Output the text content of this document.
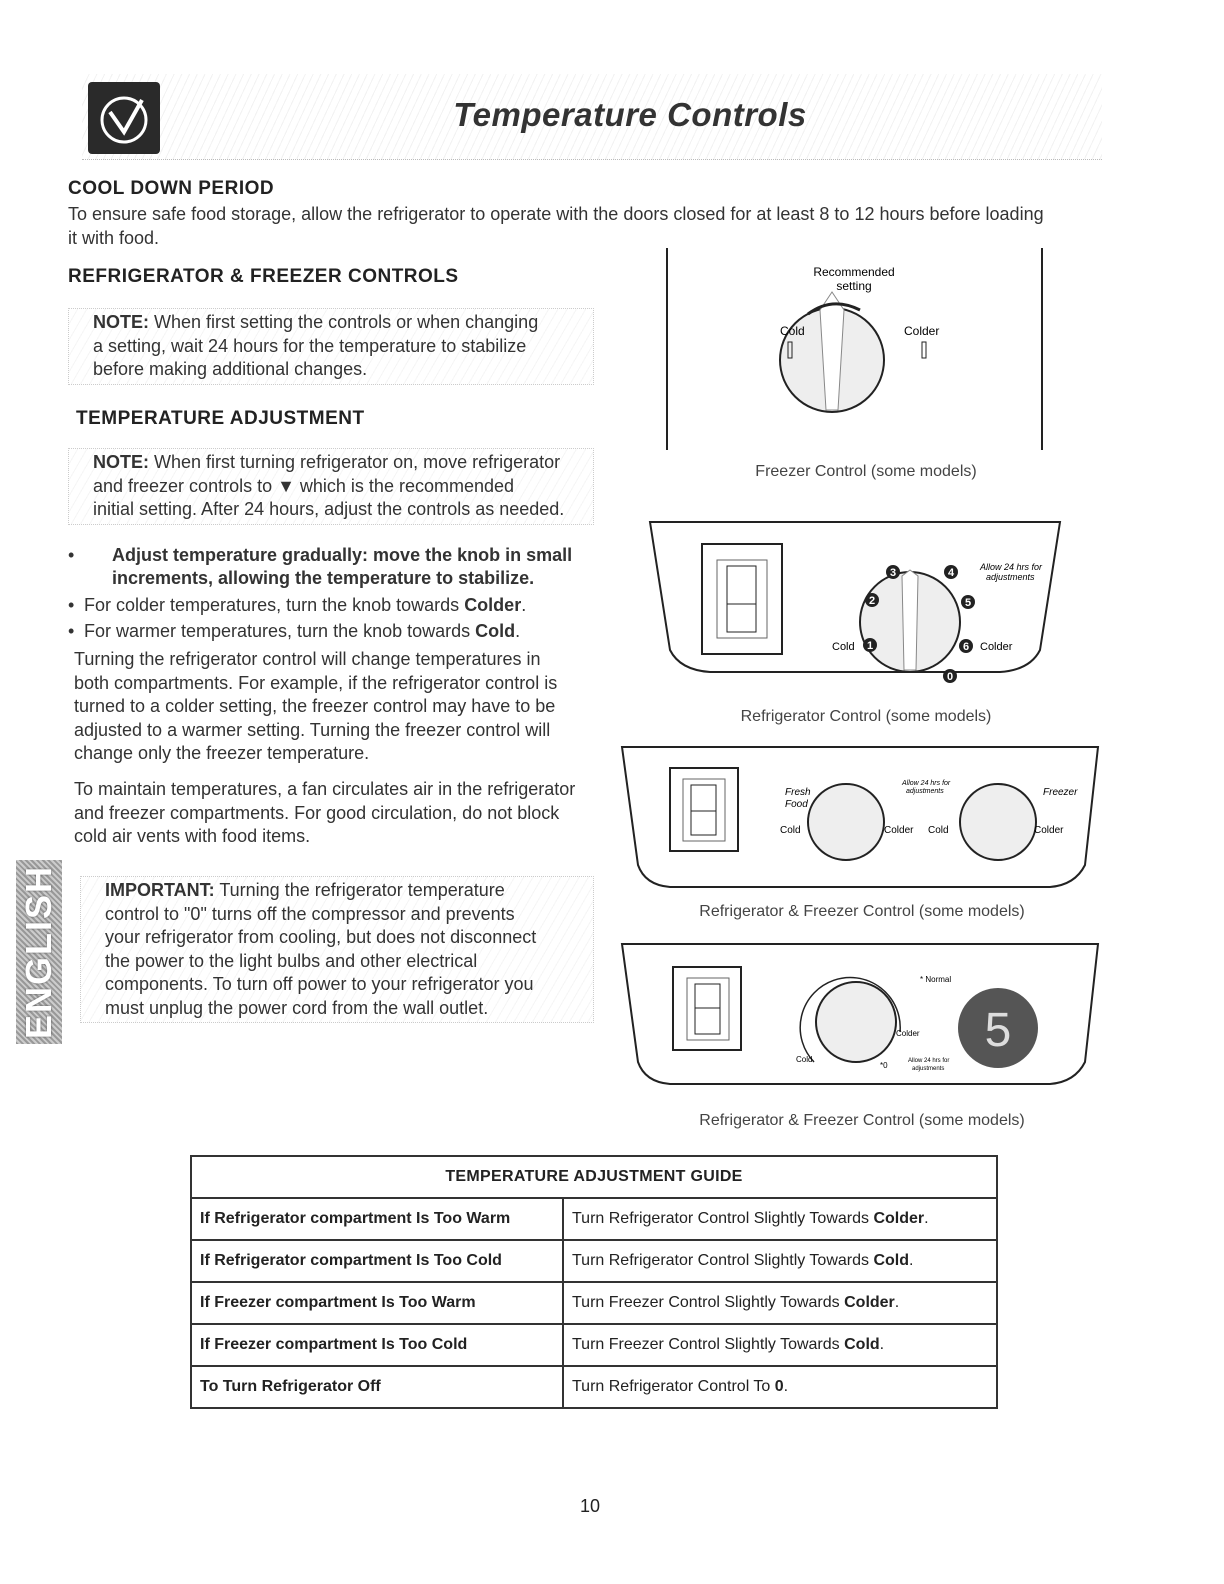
Temperature Controls
COOL DOWN PERIOD
To ensure safe food storage, allow the refrigerator to operate with the doors closed for at least 8 to 12 hours before loading
it with food.
REFRIGERATOR & FREEZER CONTROLS
NOTE: When first setting the controls or when changing
a setting, wait 24 hours for the temperature to stabilize
before making additional changes.
TEMPERATURE ADJUSTMENT
NOTE: When first turning refrigerator on, move refrigerator
and freezer controls to ▼ which is the recommended
initial setting. After 24 hours, adjust the controls as needed.
• Adjust temperature gradually: move the knob in small
increments, allowing the temperature to stabilize.
• For colder temperatures, turn the knob towards Colder.
• For warmer temperatures, turn the knob towards Cold.
Turning the refrigerator control will change temperatures in
both compartments. For example, if the refrigerator control is
turned to a colder setting, the freezer control may have to be
adjusted to a warmer setting. Turning the freezer control will
change only the freezer temperature.
To maintain temperatures, a fan circulates air in the refrigerator
and freezer compartments. For good circulation, do not block
cold air vents with food items.
IMPORTANT: Turning the refrigerator temperature
control to "0" turns off the compressor and prevents
your refrigerator from cooling, but does not disconnect
the power to the light bulbs and other electrical
components. To turn off power to your refrigerator you
must unplug the power cord from the wall outlet.
ENGLISH
Recommended
setting
Cold	Colder
Freezer Control (some models)
1
2
3	4
5
6
0
Cold	Colder
Allow 24 hrs for
adjustments
Refrigerator Control (some models)
Fresh
Food
Freezer
Cold	Colder Cold	Colder
Allow 24 hrs for
adjustments
Refrigerator & Freezer Control (some models)
* Normal
Cold
Colder
*0	Allow 24 hrs for
adjustments
5
Refrigerator & Freezer Control (some models)
TEMPERATURE ADJUSTMENT GUIDE	
If Refrigerator compartment Is Too Warm	Turn Refrigerator Control Slightly Towards Colder.
If Refrigerator compartment Is Too Cold	Turn Refrigerator Control Slightly Towards Cold.
If Freezer compartment Is Too Warm	Turn Freezer Control Slightly Towards Colder.
If Freezer compartment Is Too Cold	Turn Freezer Control Slightly Towards Cold.
To Turn Refrigerator Off	Turn Refrigerator Control To 0.
10
